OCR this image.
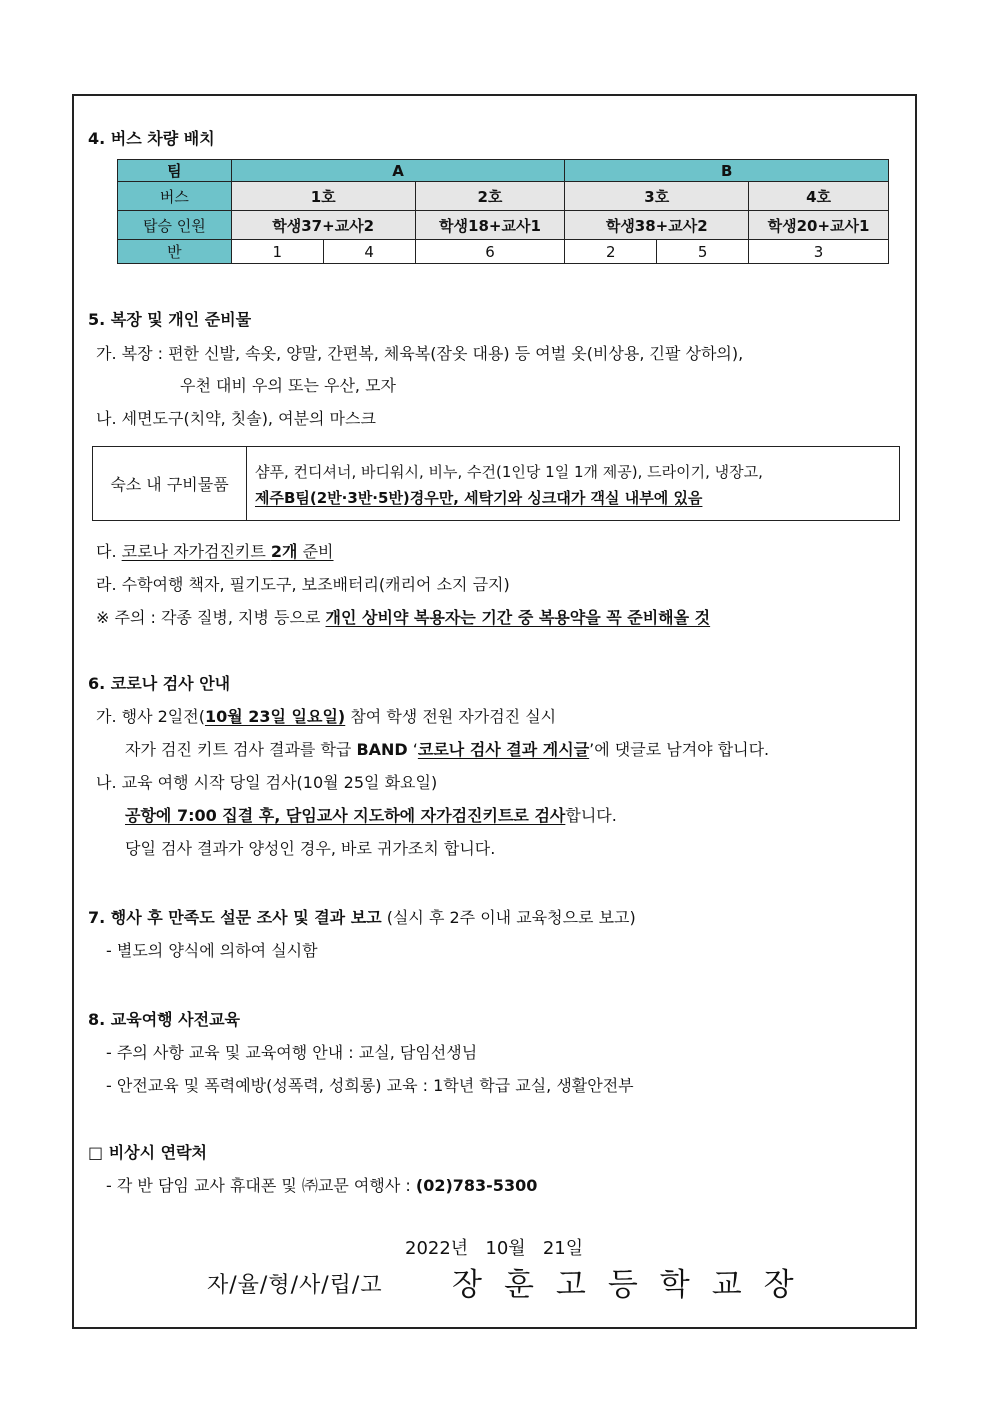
4. 버스 차량 배치
팀	A			B		
버스	1호		2호	3호		4호
탑승 인원	학생37+교사2		학생18+교사1	학생38+교사2		학생20+교사1
반	1	4	6	2	5	3
5. 복장 및 개인 준비물
가. 복장 : 편한 신발, 속옷, 양말, 간편복, 체육복(잠옷 대용) 등 여벌 옷(비상용, 긴팔 상하의),
우천 대비 우의 또는 우산, 모자
나. 세면도구(치약, 칫솔), 여분의 마스크
숙소 내 구비물품
샴푸, 컨디셔너, 바디워시, 비누, 수건(1인당 1일 1개 제공), 드라이기, 냉장고,
제주B팀(2반·3반·5반)경우만, 세탁기와 싱크대가 객실 내부에 있음
다. 코로나 자가검진키트 2개 준비
라. 수학여행 책자, 필기도구, 보조배터리(캐리어 소지 금지)
※ 주의 : 각종 질병, 지병 등으로 개인 상비약 복용자는 기간 중 복용약을 꼭 준비해올 것
6. 코로나 검사 안내
가. 행사 2일전(10월 23일 일요일) 참여 학생 전원 자가검진 실시
자가 검진 키트 검사 결과를 학급 BAND ‘코로나 검사 결과 게시글’에 댓글로 남겨야 합니다.
나. 교육 여행 시작 당일 검사(10월 25일 화요일)
공항에 7:00 집결 후, 담임교사 지도하에 자가검진키트로 검사합니다.
당일 검사 결과가 양성인 경우, 바로 귀가조치 합니다.
7. 행사 후 만족도 설문 조사 및 결과 보고 (실시 후 2주 이내 교육청으로 보고)
- 별도의 양식에 의하여 실시함
8. 교육여행 사전교육
- 주의 사항 교육 및 교육여행 안내 : 교실, 담임선생님
- 안전교육 및 폭력예방(성폭력, 성희롱) 교육 : 1학년 학급 교실, 생활안전부
□ 비상시 연락처
- 각 반 담임 교사 휴대폰 및 ㈜교문 여행사 : (02)783-5300
2022년   10월   21일
자/율/형/사/립/고 장훈고등학교장
